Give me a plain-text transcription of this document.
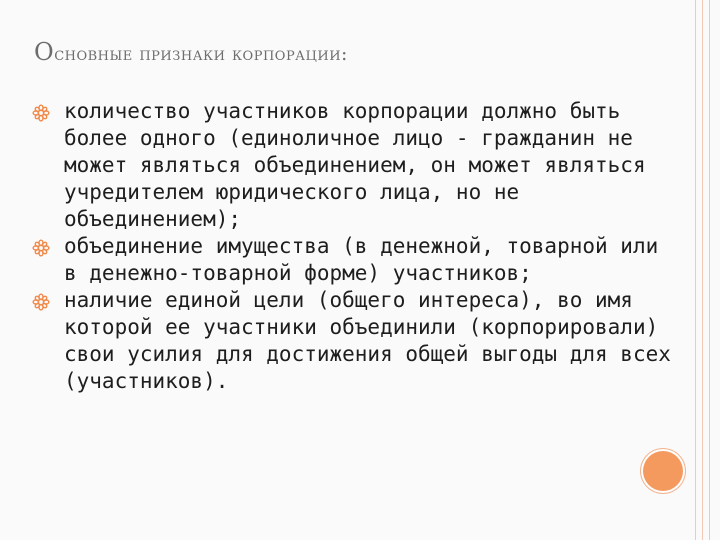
Основные признаки корпорации:
количество участников корпорации должно быть более одного (единоличное лицо - гражданин не может являться объединением, он может являться учредителем юридического лица, но не объединением);
объединение имущества (в денежной, товарной или в денежно-товарной форме) участников;
наличие единой цели (общего интереса), во имя которой ее участники объединили (корпорировали) свои усилия для достижения общей выгоды для всех (участников).
